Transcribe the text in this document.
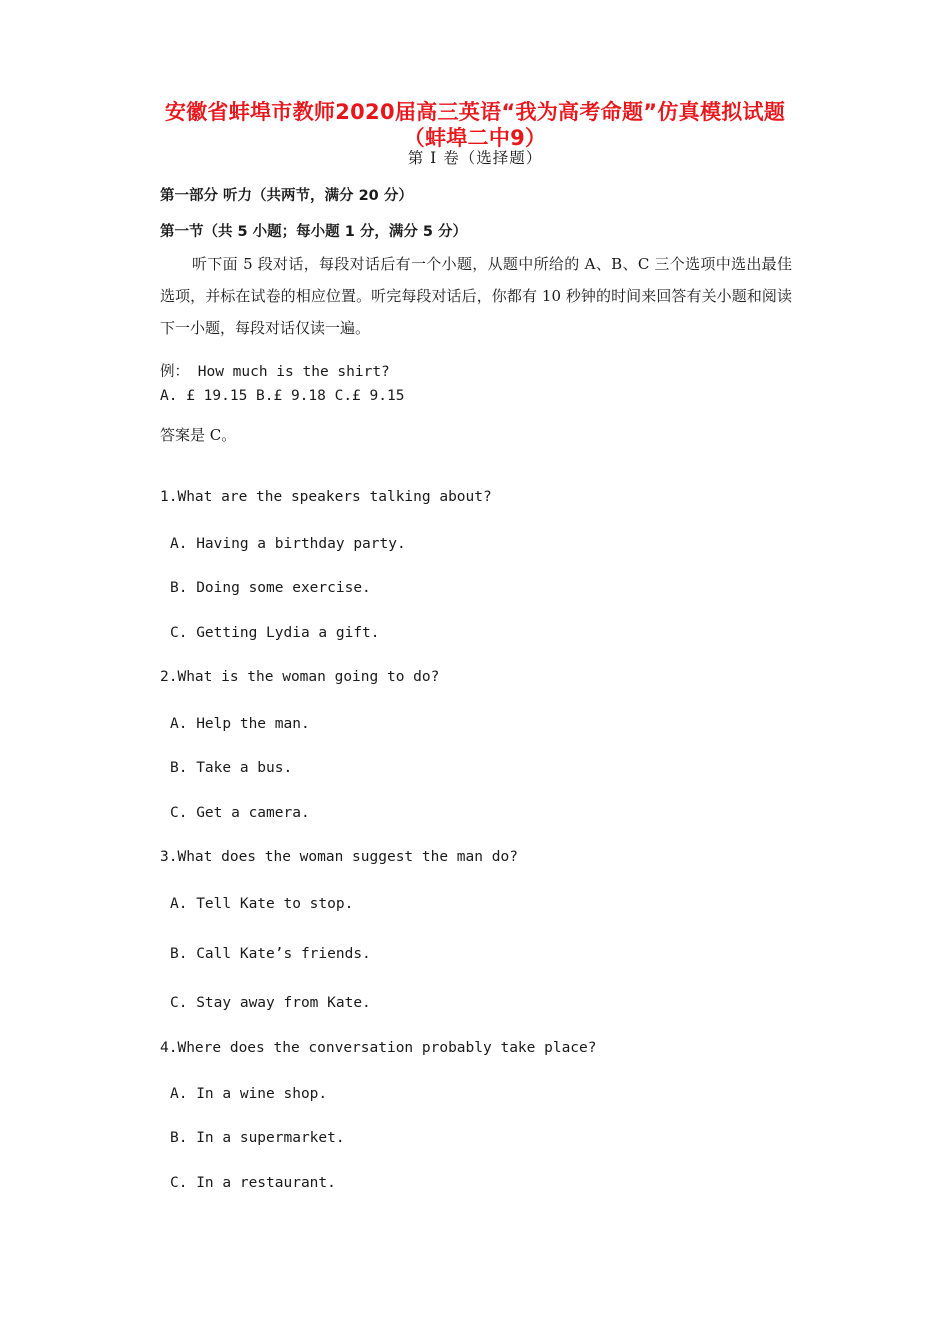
安徽省蚌埠市教师2020届高三英语“我为高考命题”仿真模拟试题
（蚌埠二中9）
第 I 卷（选择题）
第一部分 听力（共两节，满分 20 分）
第一节（共 5 小题；每小题 1 分，满分 5 分）
听下面 5 段对话，每段对话后有一个小题，从题中所给的 A、B、C 三个选项中选出最佳选项，并标在试卷的相应位置。听完每段对话后，你都有 10 秒钟的时间来回答有关小题和阅读下一小题，每段对话仅读一遍。
例： How much is the shirt?
A. £ 19.15 B.£ 9.18 C.£ 9.15
答案是 C。
1.What are the speakers talking about?
A. Having a birthday party.
B. Doing some exercise.
C. Getting Lydia a gift.
2.What is the woman going to do?
A. Help the man.
B. Take a bus.
C. Get a camera.
3.What does the woman suggest the man do?
A. Tell Kate to stop.
B. Call Kate’s friends.
C. Stay away from Kate.
4.Where does the conversation probably take place?
A. In a wine shop.
B. In a supermarket.
C. In a restaurant.
